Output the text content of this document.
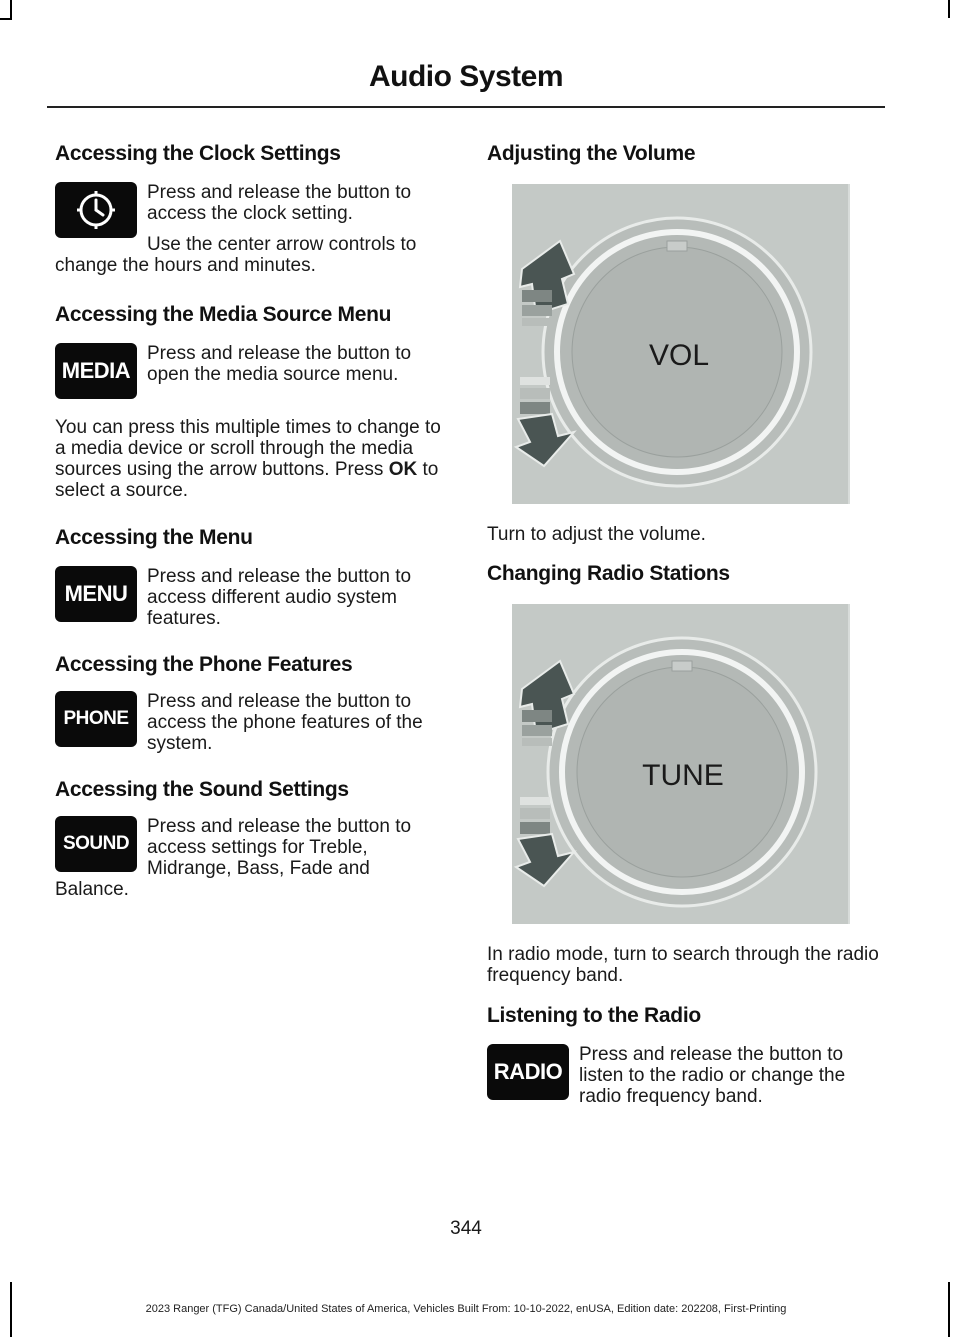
Audio System
Accessing the Clock Settings

Press and release the button to access the clock setting.

Use the center arrow controls to change the hours and minutes.

Accessing the Media Source Menu
MEDIA

Press and release the button to open the media source menu.

You can press this multiple times to change to a media device or scroll through the media sources using the arrow buttons. Press OK to select a source.

Accessing the Menu
MENU

Press and release the button to access different audio system features.

Accessing the Phone Features
PHONE

Press and release the button to access the phone features of the system.

Accessing the Sound Settings
SOUND

Press and release the button to access settings for Treble, Midrange, Bass, Fade and Balance.

Adjusting the Volume
VOL

Turn to adjust the volume.

Changing Radio Stations
TUNE

In radio mode, turn to search through the radio frequency band.

Listening to the Radio
RADIO

Press and release the button to listen to the radio or change the radio frequency band.

344
2023 Ranger (TFG) Canada/United States of America, Vehicles Built From: 10-10-2022, enUSA, Edition date: 202208, First-Printing
